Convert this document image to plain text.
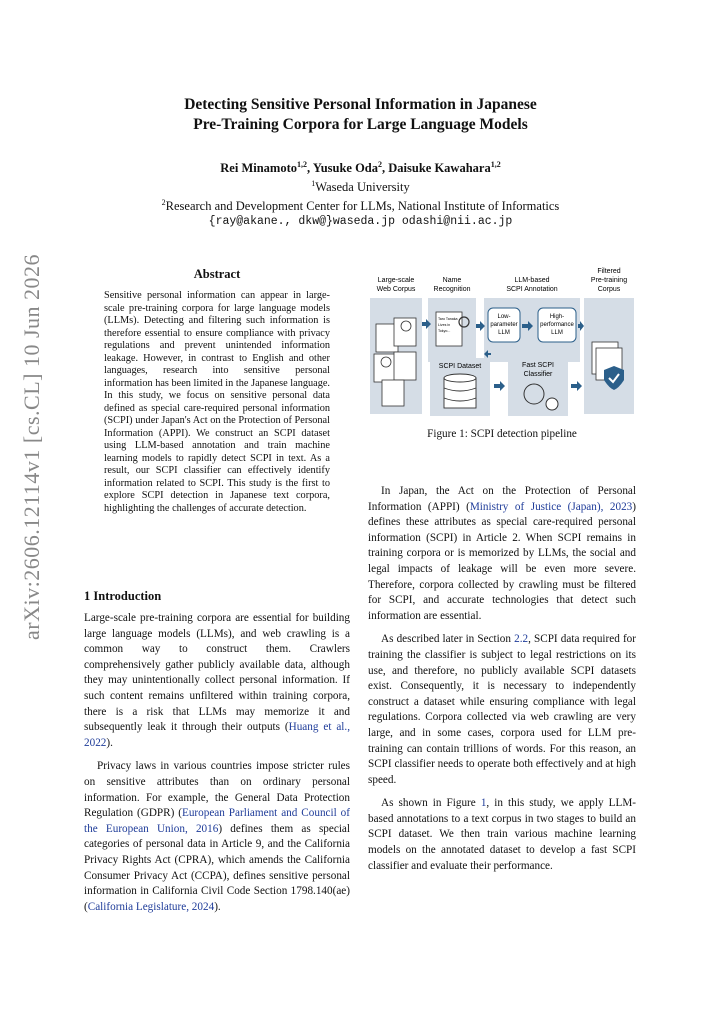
arXiv:2606.12114v1 [cs.CL] 10 Jun 2026
Detecting Sensitive Personal Information in Japanese
Pre-Training Corpora for Large Language Models
Rei Minamoto$^{1,2}$, Yusuke Oda$^2$, Daisuke Kawahara$^{1,2}$
$^1$Waseda University
$^2$Research and Development Center for LLMs, National Institute of Informatics
{ray@akane., dkw@}waseda.jp odashi@nii.ac.jp
Abstract
Sensitive personal information can appear in large-scale pre-training corpora for large language models (LLMs). Detecting and filtering such information is therefore essential to ensure compliance with privacy regulations and prevent unintended information leakage. However, in contrast to English and other languages, research into sensitive personal information has been limited in the Japanese language. In this study, we focus on sensitive personal data defined as special care-required personal information (SCPI) under Japan's Act on the Protection of Personal Information (APPI). We construct an SCPI dataset using LLM-based annotation and train machine learning models to rapidly detect SCPI in text. As a result, our SCPI classifier can effectively identify information related to SCPI. This study is the first to explore SCPI detection in Japanese text corpora, highlighting the challenges of accurate detection.
1 Introduction

Large-scale pre-training corpora are essential for building large language models (LLMs), and web crawling is a common way to construct them. Crawlers comprehensively gather publicly available data, although they may unintentionally collect personal information. If such content remains unfiltered within training corpora, there is a risk that LLMs may memorize it and subsequently leak it through their outputs (Huang et al., 2022).

Privacy laws in various countries impose stricter rules on sensitive attributes than on ordinary personal information. For example, the General Data Protection Regulation (GDPR) (European Parliament and Council of the European Union, 2016) defines them as special categories of personal data in Article 9, and the California Privacy Rights Act (CPRA), which amends the California Consumer Privacy Act (CCPA), defines sensitive personal information in California Civil Code Section 1798.140(ae) (California Legislature, 2024).

Large-scale
Web Corpus
Name
Recognition
LLM-based
SCPI Annotation
Filtered
Pre-training
Corpus
Taro Tanaka
Lives in
Tokyo...
Low-
parameter
LLM
High-
performance
LLM
SCPI Dataset	Fast SCPI
Classifier
Figure 1: SCPI detection pipeline

In Japan, the Act on the Protection of Personal Information (APPI) (Ministry of Justice (Japan), 2023) defines these attributes as special care-required personal information (SCPI) in Article 2. When SCPI remains in training corpora or is memorized by LLMs, the social and legal impacts of leakage will be even more severe. Therefore, corpora collected by crawling must be filtered for SCPI, and accurate technologies that detect such information are essential.

As described later in Section 2.2, SCPI data required for training the classifier is subject to legal restrictions on its use, and therefore, no publicly available SCPI datasets exist. Consequently, it is necessary to independently construct a dataset while ensuring compliance with legal regulations. Corpora collected via web crawling are very large, and in some cases, corpora used for LLM pre-training can contain trillions of words. For this reason, an SCPI classifier needs to operate both effectively and at high speed.

As shown in Figure 1, in this study, we apply LLM-based annotations to a text corpus in two stages to build an SCPI dataset. We then train various machine learning models on the annotated dataset to develop a fast SCPI classifier and evaluate their performance.
